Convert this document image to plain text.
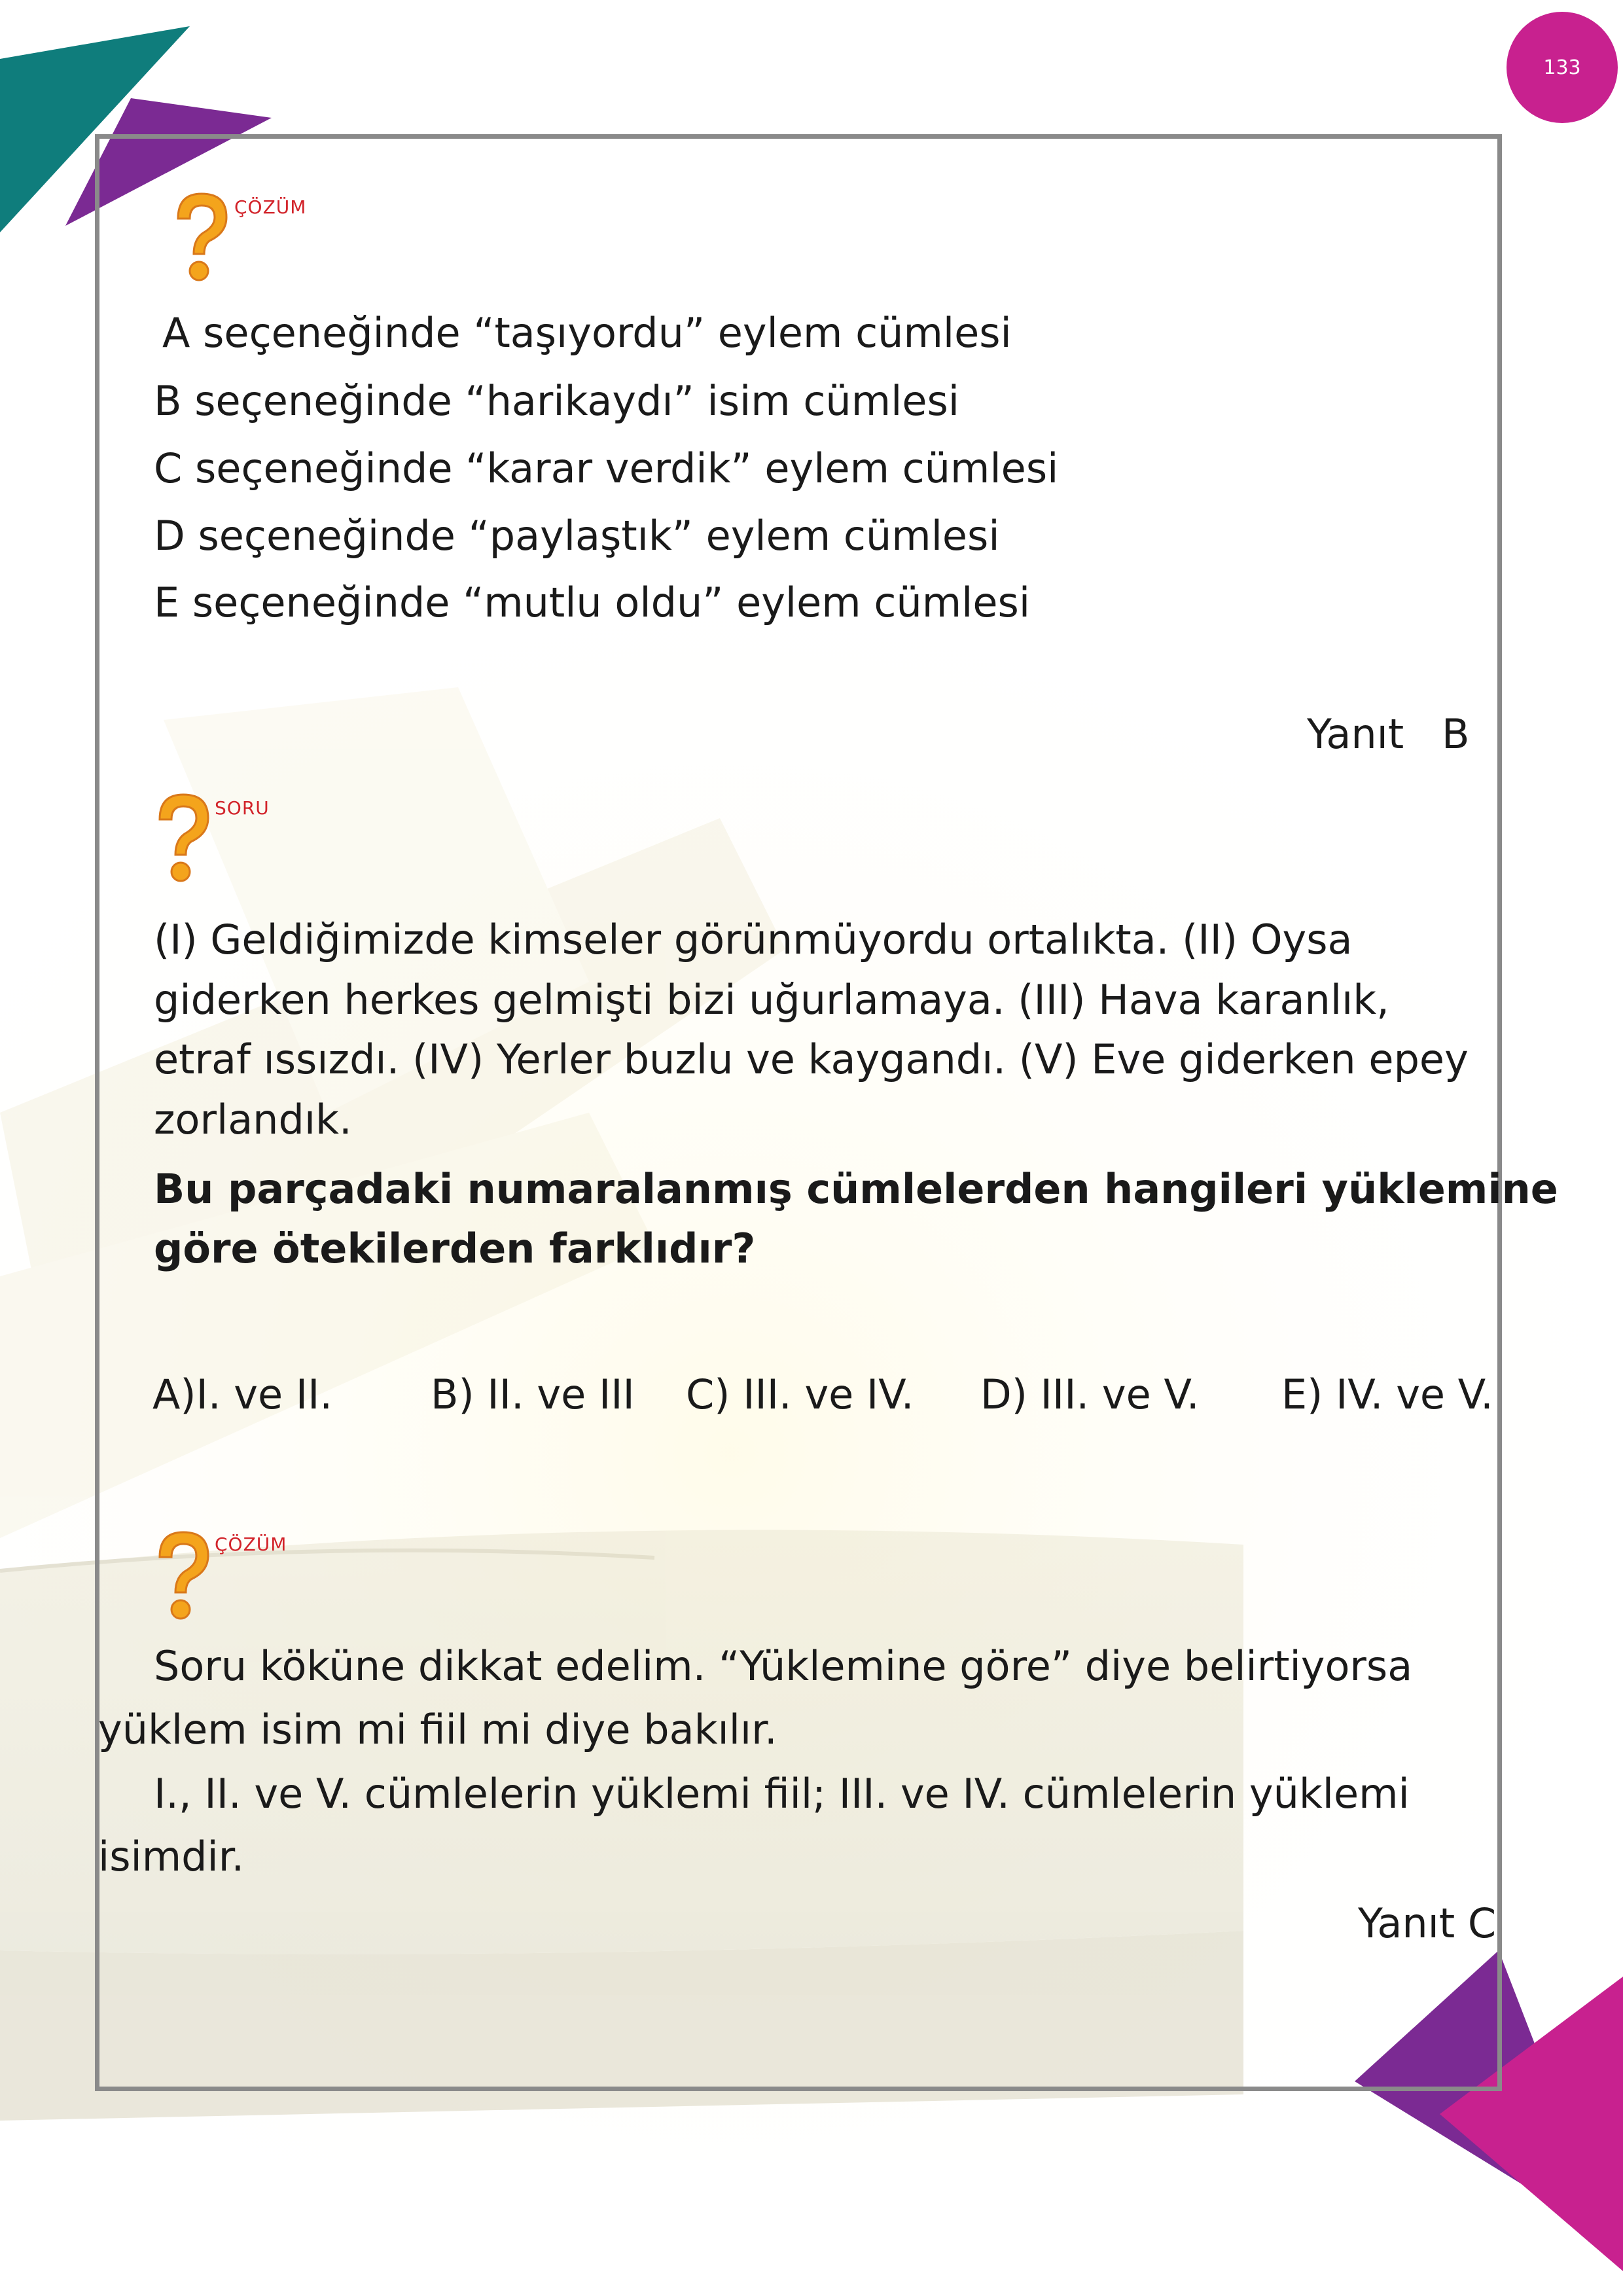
133
ÇÖZÜM
A seçeneğinde “taşıyordu” eylem cümlesi
B seçeneğinde “harikaydı” isim cümlesi
C seçeneğinde “karar verdik” eylem cümlesi
D seçeneğinde “paylaştık” eylem cümlesi
E seçeneğinde “mutlu oldu” eylem cümlesi
Yanıt B
SORU
(I) Geldiğimizde kimseler görünmüyordu ortalıkta. (II) Oysa
giderken herkes gelmişti bizi uğurlamaya. (III) Hava karanlık,
etraf ıssızdı. (IV) Yerler buzlu ve kaygandı. (V) Eve giderken epey
zorlandık.
Bu parçadaki numaralanmış cümlelerden hangileri yüklemine
göre ötekilerden farklıdır?
A)I. ve II. B) II. ve III C) III. ve IV. D) III. ve V. E) IV. ve V.
ÇÖZÜM
Soru köküne dikkat edelim. “Yüklemine göre” diye belirtiyorsa
yüklem isim mi fiil mi diye bakılır.
I., II. ve V. cümlelerin yüklemi fiil; III. ve IV. cümlelerin yüklemi
isimdir.
Yanıt C
